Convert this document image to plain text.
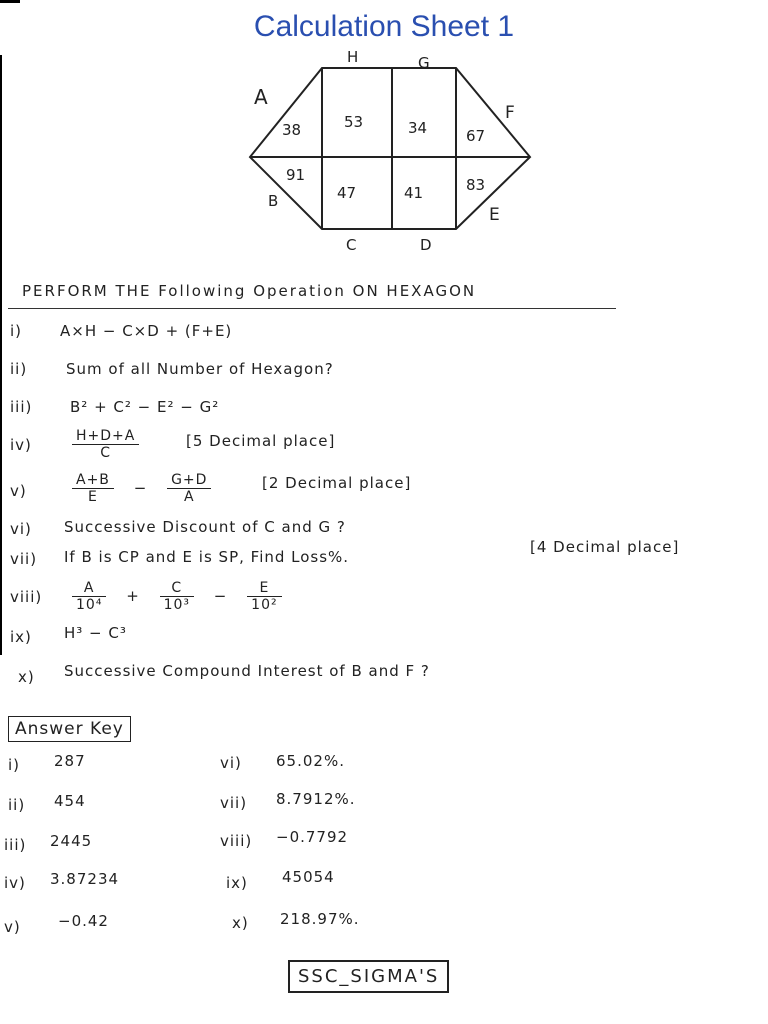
Calculation Sheet 1
H	G
A
F
B
E
C	D
38	53	34	67
91
47	41	83
PERFORM THE Following Operation ON HEXAGON
i)	A×H − C×D + (F+E)
ii)	Sum of all Number of Hexagon?
iii)	B² + C² − E² − G²
iv)	$\frac{H+D+A}{C}$	[5 Decimal place]
v)	$\frac{A+B}{E} - \frac{G+D}{A}$	[2 Decimal place]
vi) Successive Discount of C and G ?
vii) If B is CP and E is SP, Find Loss%.
[4 Decimal place]
viii) $\frac{A}{\text{10⁴}} + \frac{C}{\text{10³}} - \frac{E}{\text{10²}}$
ix) H³ − C³
x) Successive Compound Interest of B and F ?
Answer Key
i) 287
ii) 454
iii) 2445
iv) 3.87234
v) −0.42
vi) 65.02%.
vii) 8.7912%.
viii) −0.7792
ix) 45054
x) 218.97%.
SSC_SIGMA'S
